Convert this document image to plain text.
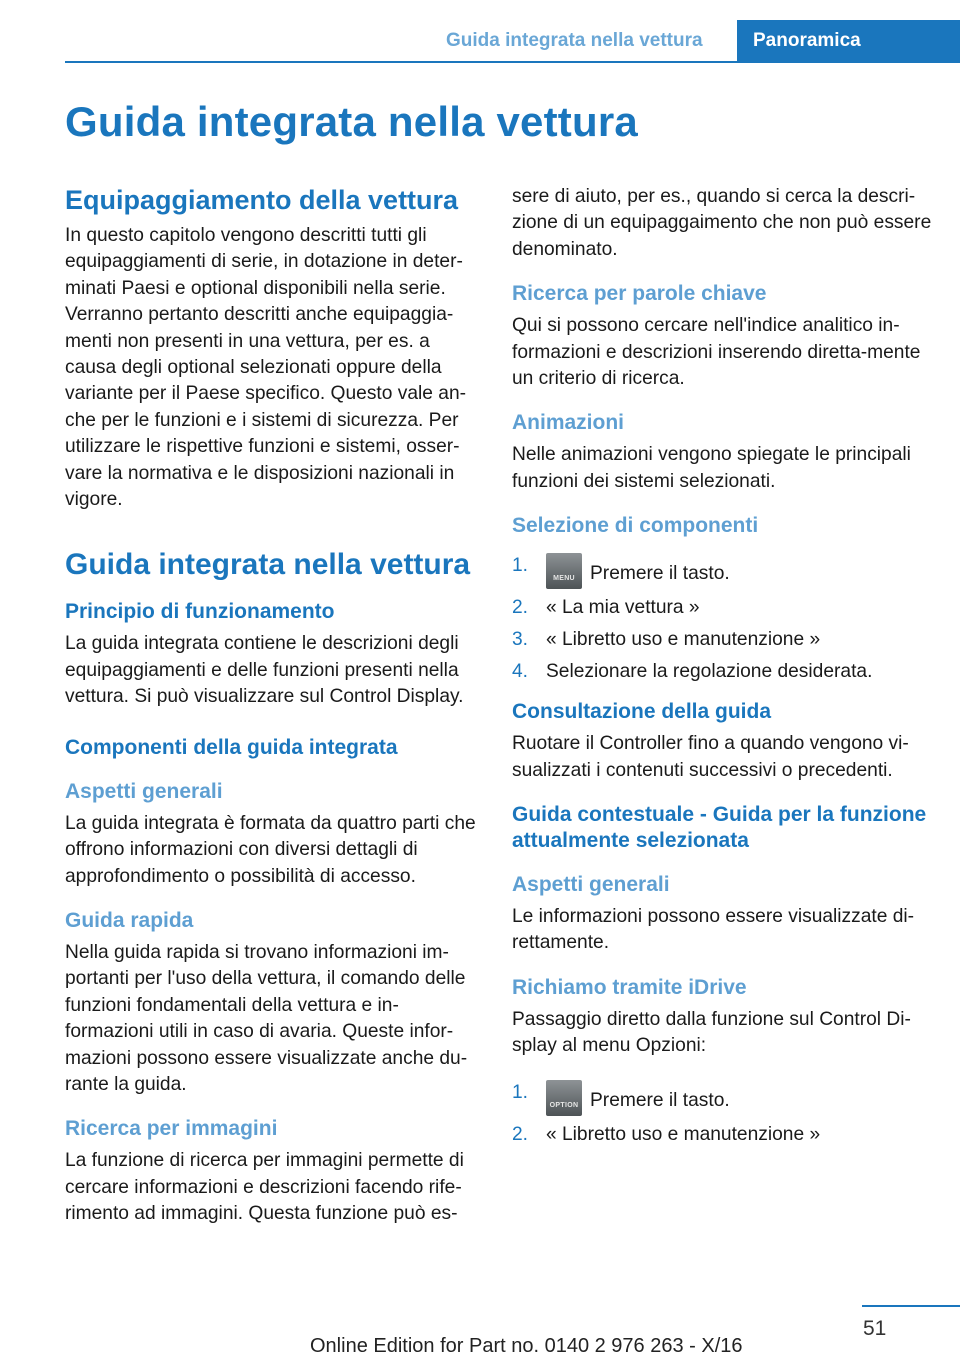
Guida integrata nella vettura	Panoramica
Guida integrata nella vettura
Equipaggiamento della vettura

In questo capitolo vengono descritti tutti gli equipaggiamenti di serie, in dotazione in deter-minati Paesi e optional disponibili nella serie. Verranno pertanto descritti anche equipaggia-menti non presenti in una vettura, per es. a causa degli optional selezionati oppure della variante per il Paese specifico. Questo vale an-che per le funzioni e i sistemi di sicurezza. Per utilizzare le rispettive funzioni e sistemi, osser-vare la normativa e le disposizioni nazionali in vigore.

Guida integrata nella vettura
Principio di funzionamento

La guida integrata contiene le descrizioni degli equipaggiamenti e delle funzioni presenti nella vettura. Si può visualizzare sul Control Display.

Componenti della guida integrata
Aspetti generali

La guida integrata è formata da quattro parti che offrono informazioni con diversi dettagli di approfondimento o possibilità di accesso.

Guida rapida

Nella guida rapida si trovano informazioni im-portanti per l'uso della vettura, il comando delle funzioni fondamentali della vettura e in-formazioni utili in caso di avaria. Queste infor-mazioni possono essere visualizzate anche du-rante la guida.

Ricerca per immagini

La funzione di ricerca per immagini permette di cercare informazioni e descrizioni facendo rife-rimento ad immagini. Questa funzione può es-

sere di aiuto, per es., quando si cerca la descri-zione di un equipaggaimento che non può essere denominato.

Ricerca per parole chiave

Qui si possono cercare nell'indice analitico in-formazioni e descrizioni inserendo diretta-mente un criterio di ricerca.

Animazioni

Nelle animazioni vengono spiegate le principali funzioni dei sistemi selezionati.

Selezione di componenti
1.
MENU Premere il tasto.
2. « La mia vettura »
3. « Libretto uso e manutenzione »
4. Selezionare la regolazione desiderata.
Consultazione della guida

Ruotare il Controller fino a quando vengono vi-sualizzati i contenuti successivi o precedenti.

Guida contestuale - Guida per la funzione attualmente selezionata
Aspetti generali

Le informazioni possono essere visualizzate di-rettamente.

Richiamo tramite iDrive

Passaggio diretto dalla funzione sul Control Di-splay al menu Opzioni:

1.
OPTION Premere il tasto.
2. « Libretto uso e manutenzione »
51
Online Edition for Part no. 0140 2 976 263 - X/16
